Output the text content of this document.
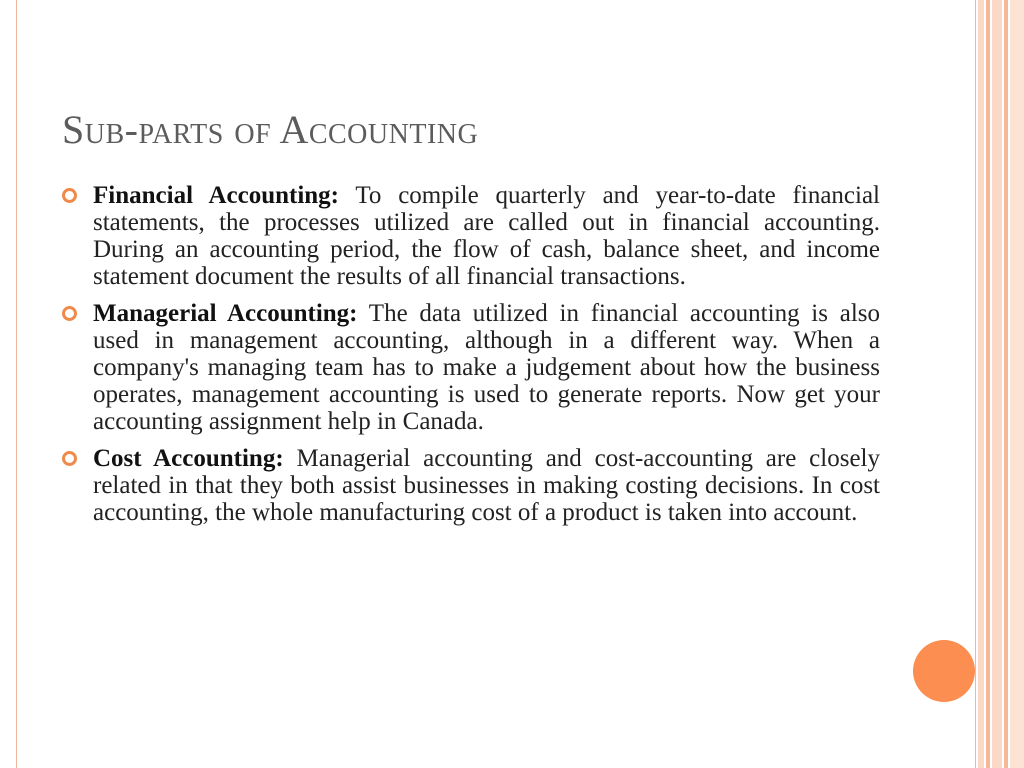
Sub-parts of Accounting

Financial Accounting: To compile quarterly and year-to-date financial statements, the processes utilized are called out in financial accounting. During an accounting period, the flow of cash, balance sheet, and income statement document the results of all financial transactions.

Managerial Accounting: The data utilized in financial accounting is also used in management accounting, although in a different way. When a company's managing team has to make a judgement about how the business operates, management accounting is used to generate reports. Now get your accounting assignment help in Canada.

Cost Accounting: Managerial accounting and cost-accounting are closely related in that they both assist businesses in making costing decisions. In cost accounting, the whole manufacturing cost of a product is taken into account.
